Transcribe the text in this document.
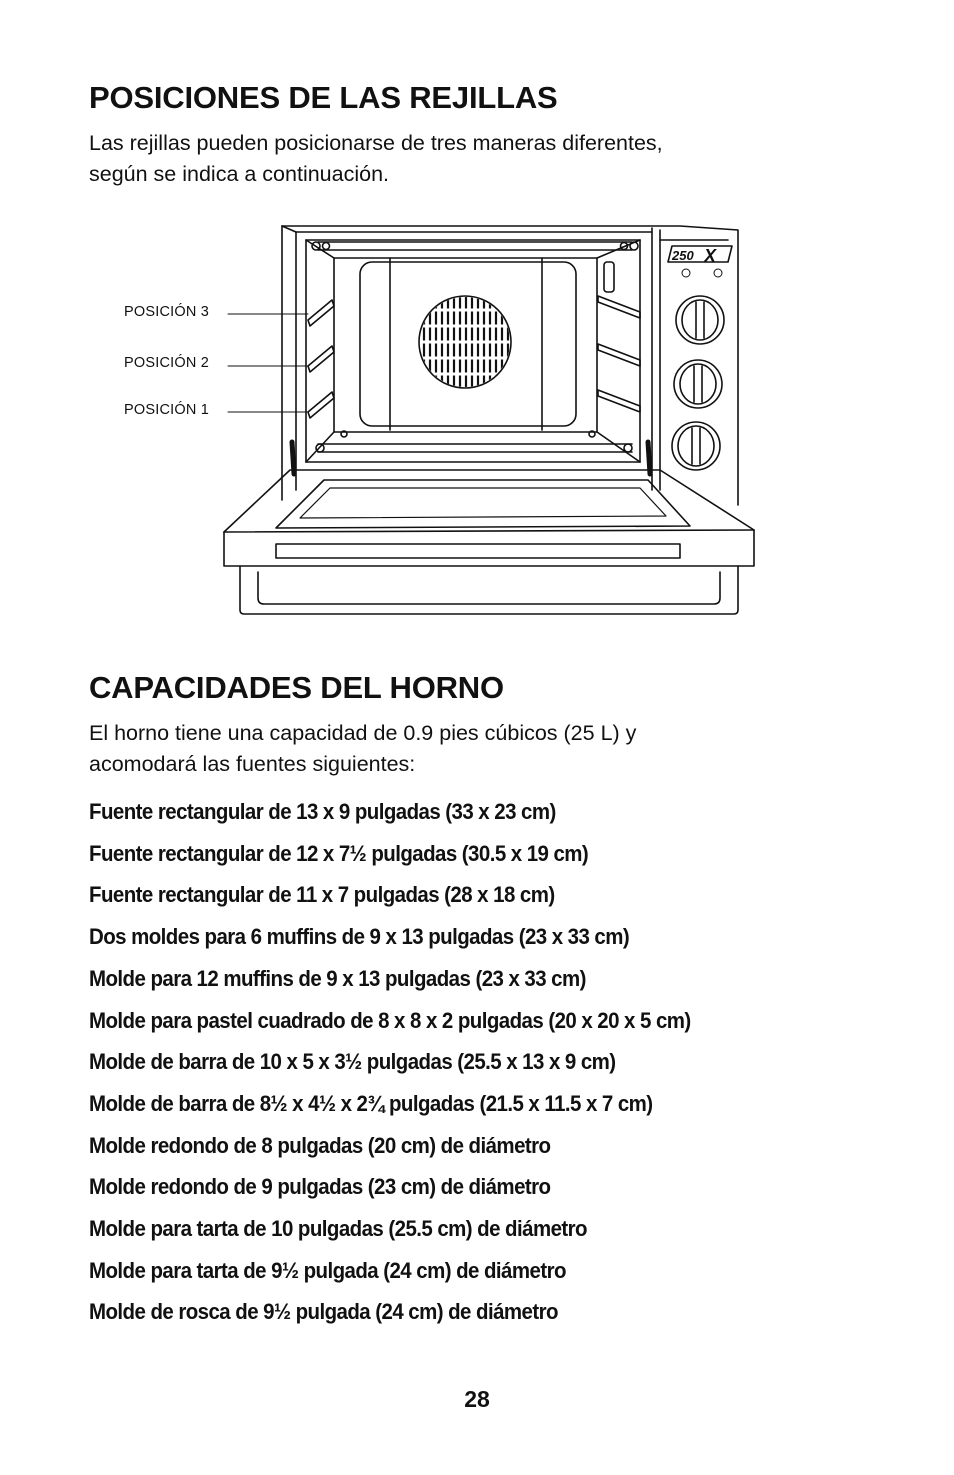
POSICIONES DE LAS REJILLAS

Las rejillas pueden posicionarse de tres maneras diferentes,
según se indica a continuación.

POSICIÓN 3
POSICIÓN 2
POSICIÓN 1
250 X
CAPACIDADES DEL HORNO

El horno tiene una capacidad de 0.9 pies cúbicos (25 L) y
acomodará las fuentes siguientes:

Fuente rectangular de 13 x 9 pulgadas (33 x 23 cm)
Fuente rectangular de 12 x 7½ pulgadas (30.5 x 19 cm)
Fuente rectangular de 11 x 7 pulgadas (28 x 18 cm)
Dos moldes para 6 muffins de 9 x 13 pulgadas (23 x 33 cm)
Molde para 12 muffins de 9 x 13 pulgadas (23 x 33 cm)
Molde para pastel cuadrado de 8 x 8 x 2 pulgadas (20 x 20 x 5 cm)
Molde de barra de 10 x 5 x 3½ pulgadas (25.5 x 13 x 9 cm)
Molde de barra de 8½ x 4½ x 2¾ pulgadas (21.5 x 11.5 x 7 cm)
Molde redondo de 8 pulgadas (20 cm) de diámetro
Molde redondo de 9 pulgadas (23 cm) de diámetro
Molde para tarta de 10 pulgadas (25.5 cm) de diámetro
Molde para tarta de 9½ pulgada (24 cm) de diámetro
Molde de rosca de 9½ pulgada (24 cm) de diámetro
28
